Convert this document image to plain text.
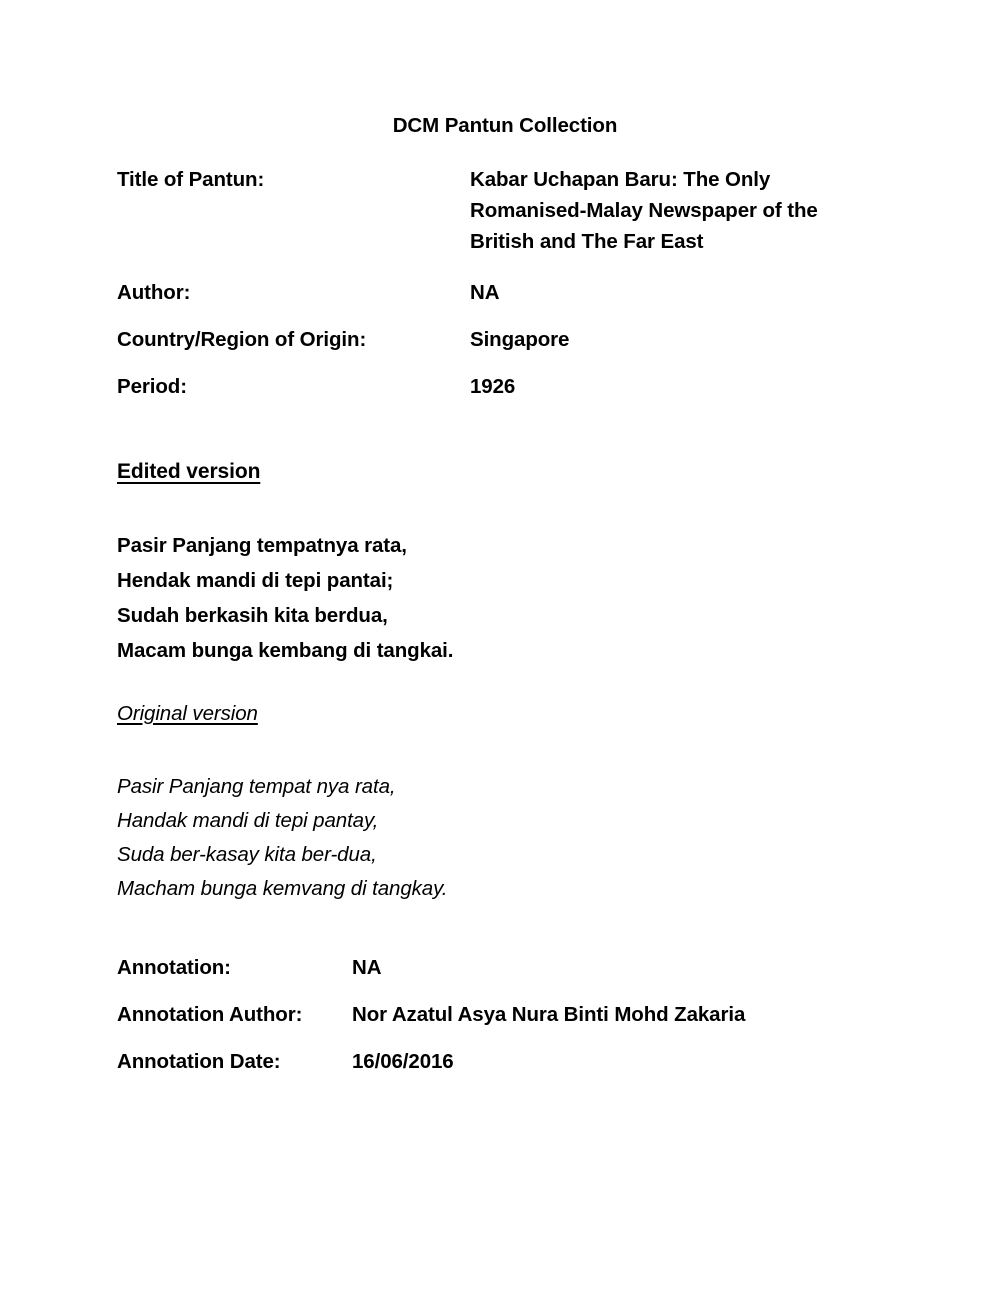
DCM Pantun Collection
Title of Pantun:	Kabar Uchapan Baru: The Only Romanised-Malay Newspaper of the British and The Far East
Author:	NA
Country/Region of Origin:	Singapore
Period:	1926
Edited version
Pasir Panjang tempatnya rata,
Hendak mandi di tepi pantai;
Sudah berkasih kita berdua,
Macam bunga kembang di tangkai.
Original version
Pasir Panjang tempat nya rata,
Handak mandi di tepi pantay,
Suda ber-kasay kita ber-dua,
Macham bunga kemvang di tangkay.
Annotation:	NA
Annotation Author:	Nor Azatul Asya Nura Binti Mohd Zakaria
Annotation Date:	16/06/2016
